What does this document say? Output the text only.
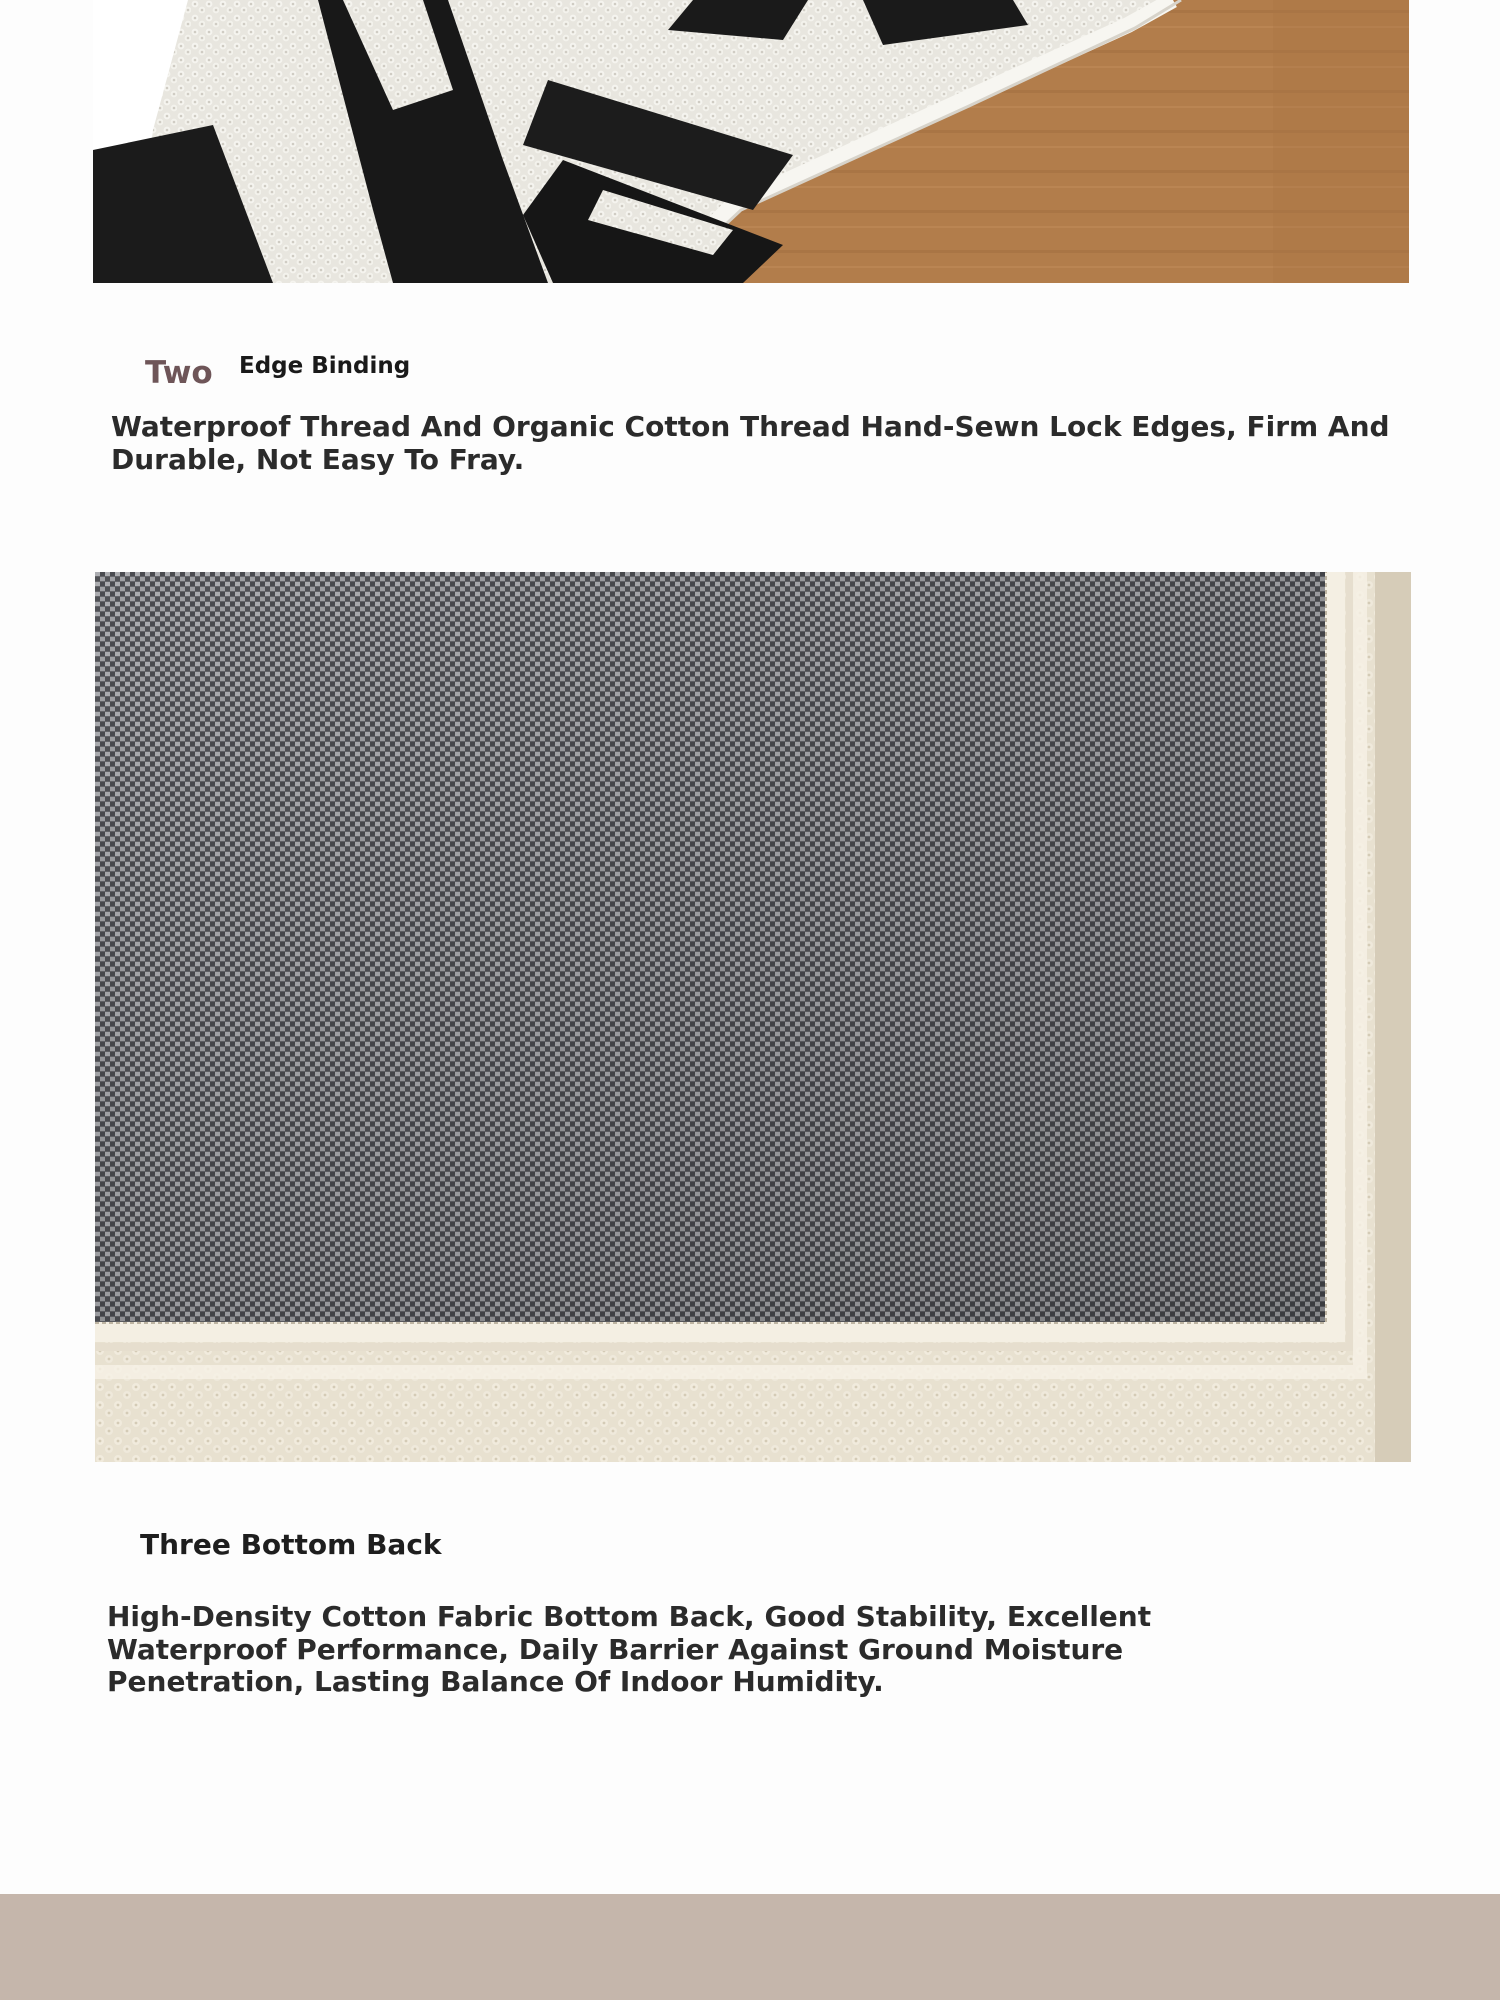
Two Edge Binding
Waterproof Thread And Organic Cotton Thread Hand-Sewn Lock Edges, Firm And Durable, Not Easy To Fray.
Three Bottom Back
High-Density Cotton Fabric Bottom Back, Good Stability, Excellent Waterproof Performance, Daily Barrier Against Ground Moisture Penetration, Lasting Balance Of Indoor Humidity.
